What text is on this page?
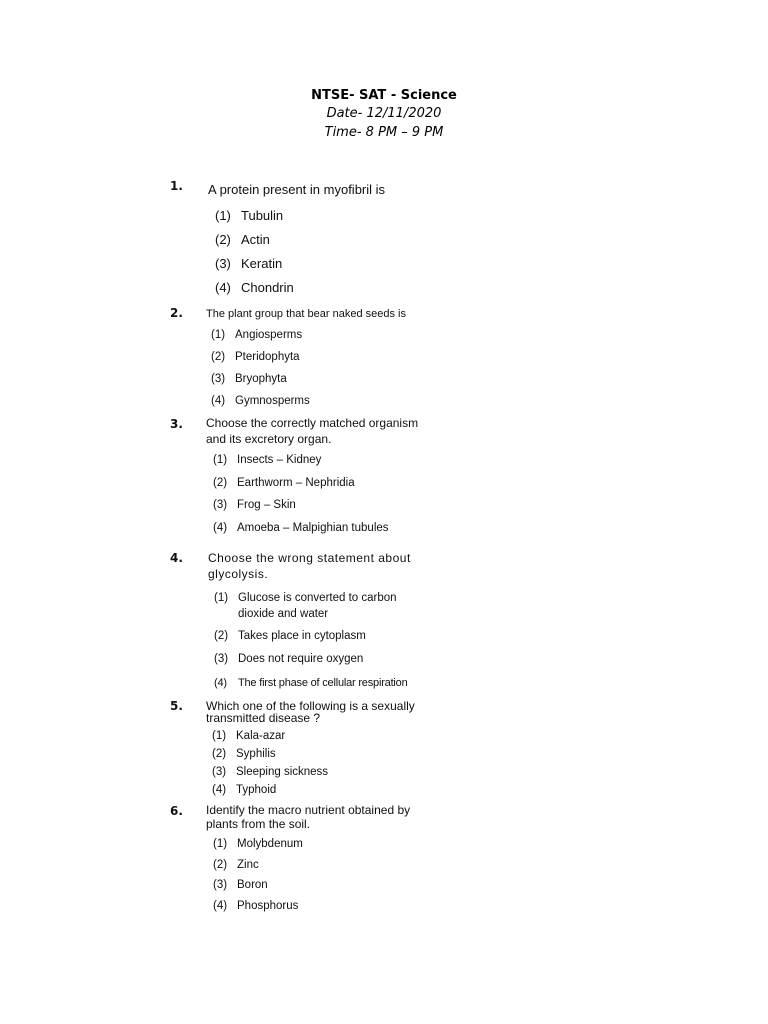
NTSE- SAT - Science
Date- 12/11/2020
Time- 8 PM – 9 PM
1. A protein present in myofibril is
(1) Tubulin
(2) Actin
(3) Keratin
(4) Chondrin
2. The plant group that bear naked seeds is
(1) Angiosperms
(2) Pteridophyta
(3) Bryophyta
(4) Gymnosperms
3. Choose the correctly matched organism
and its excretory organ.
(1) Insects – Kidney
(2) Earthworm – Nephridia
(3) Frog – Skin
(4) Amoeba – Malpighian tubules
4. Choose the wrong statement about
glycolysis.
(1) Glucose is converted to carbon
dioxide and water
(2) Takes place in cytoplasm
(3) Does not require oxygen
(4) The first phase of cellular respiration
5. Which one of the following is a sexually
transmitted disease ?
(1) Kala-azar
(2) Syphilis
(3) Sleeping sickness
(4) Typhoid
6. Identify the macro nutrient obtained by
plants from the soil.
(1) Molybdenum
(2) Zinc
(3) Boron
(4) Phosphorus
